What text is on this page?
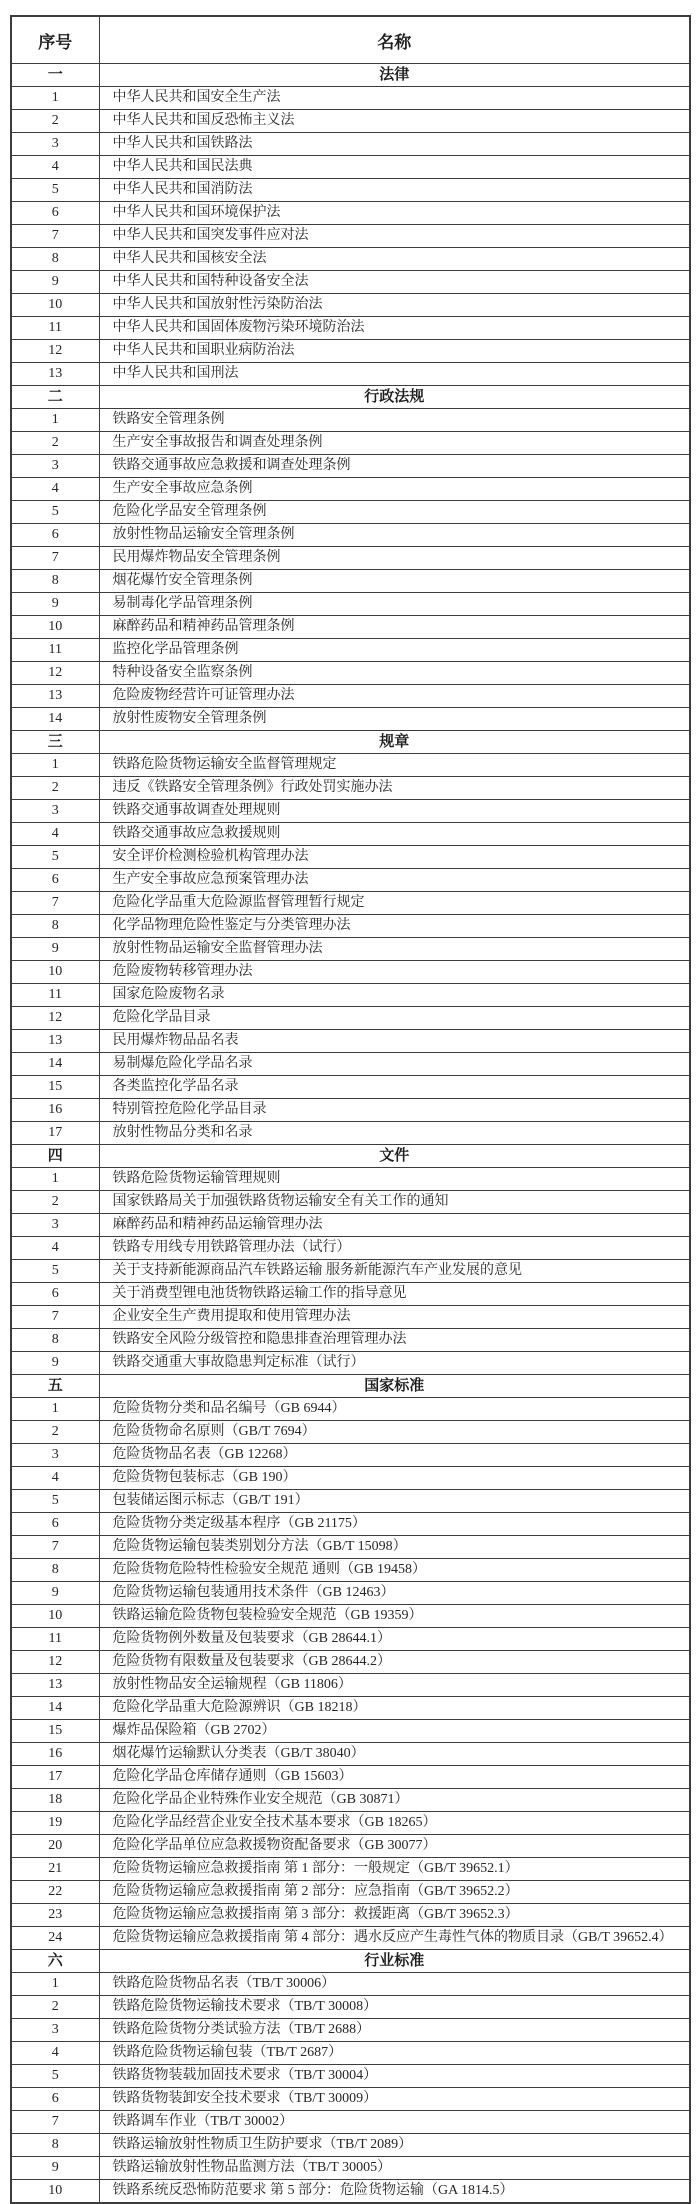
序号	名称
一	法律
1	中华人民共和国安全生产法
2	中华人民共和国反恐怖主义法
3	中华人民共和国铁路法
4	中华人民共和国民法典
5	中华人民共和国消防法
6	中华人民共和国环境保护法
7	中华人民共和国突发事件应对法
8	中华人民共和国核安全法
9	中华人民共和国特种设备安全法
10	中华人民共和国放射性污染防治法
11	中华人民共和国固体废物污染环境防治法
12	中华人民共和国职业病防治法
13	中华人民共和国刑法
二	行政法规
1	铁路安全管理条例
2	生产安全事故报告和调查处理条例
3	铁路交通事故应急救援和调查处理条例
4	生产安全事故应急条例
5	危险化学品安全管理条例
6	放射性物品运输安全管理条例
7	民用爆炸物品安全管理条例
8	烟花爆竹安全管理条例
9	易制毒化学品管理条例
10	麻醉药品和精神药品管理条例
11	监控化学品管理条例
12	特种设备安全监察条例
13	危险废物经营许可证管理办法
14	放射性废物安全管理条例
三	规章
1	铁路危险货物运输安全监督管理规定
2	违反《铁路安全管理条例》行政处罚实施办法
3	铁路交通事故调查处理规则
4	铁路交通事故应急救援规则
5	安全评价检测检验机构管理办法
6	生产安全事故应急预案管理办法
7	危险化学品重大危险源监督管理暂行规定
8	化学品物理危险性鉴定与分类管理办法
9	放射性物品运输安全监督管理办法
10	危险废物转移管理办法
11	国家危险废物名录
12	危险化学品目录
13	民用爆炸物品品名表
14	易制爆危险化学品名录
15	各类监控化学品名录
16	特别管控危险化学品目录
17	放射性物品分类和名录
四	文件
1	铁路危险货物运输管理规则
2	国家铁路局关于加强铁路货物运输安全有关工作的通知
3	麻醉药品和精神药品运输管理办法
4	铁路专用线专用铁路管理办法（试行）
5	关于支持新能源商品汽车铁路运输 服务新能源汽车产业发展的意见
6	关于消费型锂电池货物铁路运输工作的指导意见
7	企业安全生产费用提取和使用管理办法
8	铁路安全风险分级管控和隐患排查治理管理办法
9	铁路交通重大事故隐患判定标准（试行）
五	国家标准
1	危险货物分类和品名编号（GB 6944）
2	危险货物命名原则（GB/T 7694）
3	危险货物品名表（GB 12268）
4	危险货物包装标志（GB 190）
5	包装储运图示标志（GB/T 191）
6	危险货物分类定级基本程序（GB 21175）
7	危险货物运输包装类别划分方法（GB/T 15098）
8	危险货物危险特性检验安全规范 通则（GB 19458）
9	危险货物运输包装通用技术条件（GB 12463）
10	铁路运输危险货物包装检验安全规范（GB 19359）
11	危险货物例外数量及包装要求（GB 28644.1）
12	危险货物有限数量及包装要求（GB 28644.2）
13	放射性物品安全运输规程（GB 11806）
14	危险化学品重大危险源辨识（GB 18218）
15	爆炸品保险箱（GB 2702）
16	烟花爆竹运输默认分类表（GB/T 38040）
17	危险化学品仓库储存通则（GB 15603）
18	危险化学品企业特殊作业安全规范（GB 30871）
19	危险化学品经营企业安全技术基本要求（GB 18265）
20	危险化学品单位应急救援物资配备要求（GB 30077）
21	危险货物运输应急救援指南 第 1 部分：一般规定（GB/T 39652.1）
22	危险货物运输应急救援指南 第 2 部分：应急指南（GB/T 39652.2）
23	危险货物运输应急救援指南 第 3 部分：救援距离（GB/T 39652.3）
24	危险货物运输应急救援指南 第 4 部分：遇水反应产生毒性气体的物质目录（GB/T 39652.4）
六	行业标准
1	铁路危险货物品名表（TB/T 30006）
2	铁路危险货物运输技术要求（TB/T 30008）
3	铁路危险货物分类试验方法（TB/T 2688）
4	铁路危险货物运输包装（TB/T 2687）
5	铁路货物装载加固技术要求（TB/T 30004）
6	铁路货物装卸安全技术要求（TB/T 30009）
7	铁路调车作业（TB/T 30002）
8	铁路运输放射性物质卫生防护要求（TB/T 2089）
9	铁路运输放射性物品监测方法（TB/T 30005）
10	铁路系统反恐怖防范要求 第 5 部分：危险货物运输（GA 1814.5）
